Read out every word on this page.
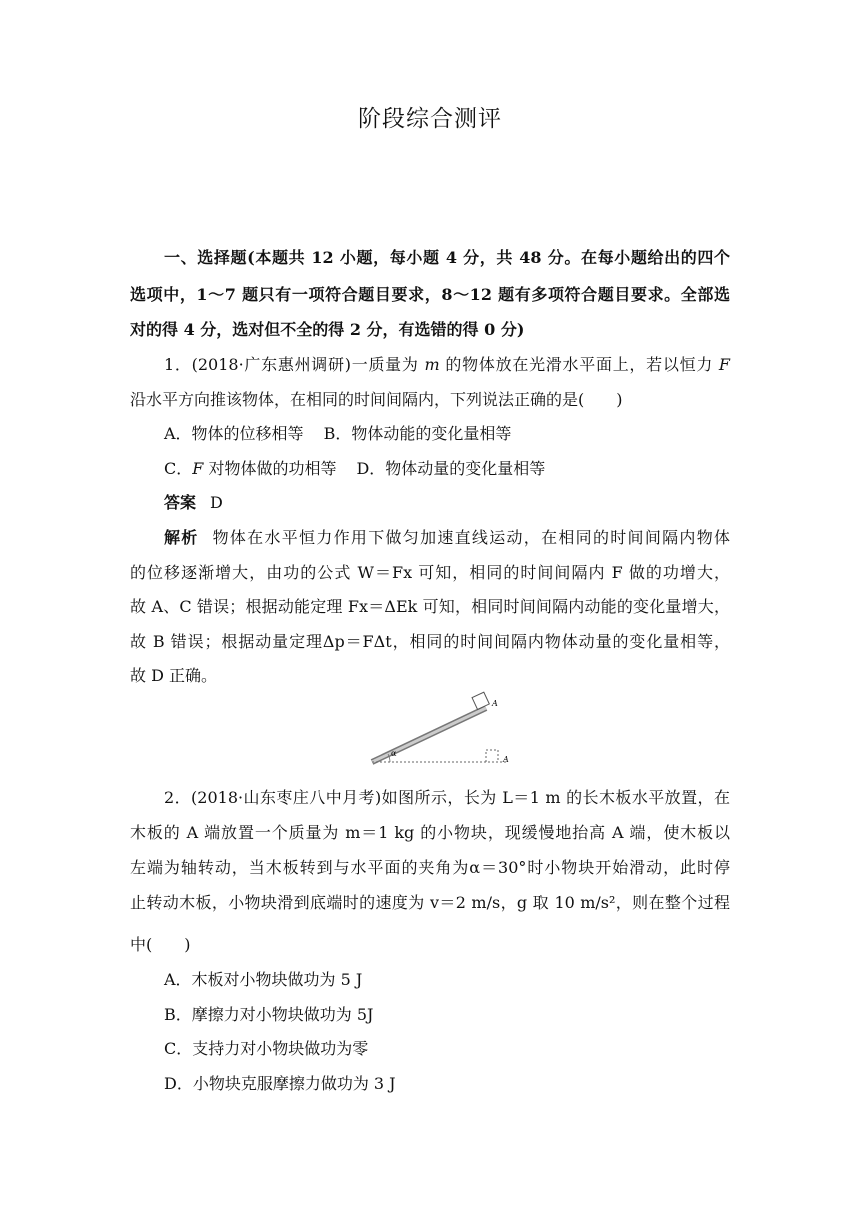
阶段综合测评
一、选择题(本题共 12 小题，每小题 4 分，共 48 分。在每小题给出的四个
选项中，1～7 题只有一项符合题目要求，8～12 题有多项符合题目要求。全部选
对的得 4 分，选对但不全的得 2 分，有选错的得 0 分)
1．(2018·广东惠州调研)一质量为 m 的物体放在光滑水平面上，若以恒力 F
沿水平方向推该物体，在相同的时间间隔内，下列说法正确的是(　　)
A．物体的位移相等 B．物体动能的变化量相等
C．F 对物体做的功相等 D．物体动量的变化量相等
答案 D
解析 物体在水平恒力作用下做匀加速直线运动，在相同的时间间隔内物体
的位移逐渐增大，由功的公式 W＝Fx 可知，相同的时间间隔内 F 做的功增大，
故 A、C 错误；根据动能定理 Fx＝ΔEk 可知，相同时间间隔内动能的变化量增大，
故 B 错误；根据动量定理Δp＝FΔt，相同的时间间隔内物体动量的变化量相等，
故 D 正确。
α
A
A
2．(2018·山东枣庄八中月考)如图所示，长为 L＝1 m 的长木板水平放置，在
木板的 A 端放置一个质量为 m＝1 kg 的小物块，现缓慢地抬高 A 端，使木板以
左端为轴转动，当木板转到与水平面的夹角为α＝30°时小物块开始滑动，此时停
止转动木板，小物块滑到底端时的速度为 v＝2 m/s，g 取 10 m/s²，则在整个过程
中(　　)
A．木板对小物块做功为 5 J
B．摩擦力对小物块做功为 5J
C．支持力对小物块做功为零
D．小物块克服摩擦力做功为 3 J
